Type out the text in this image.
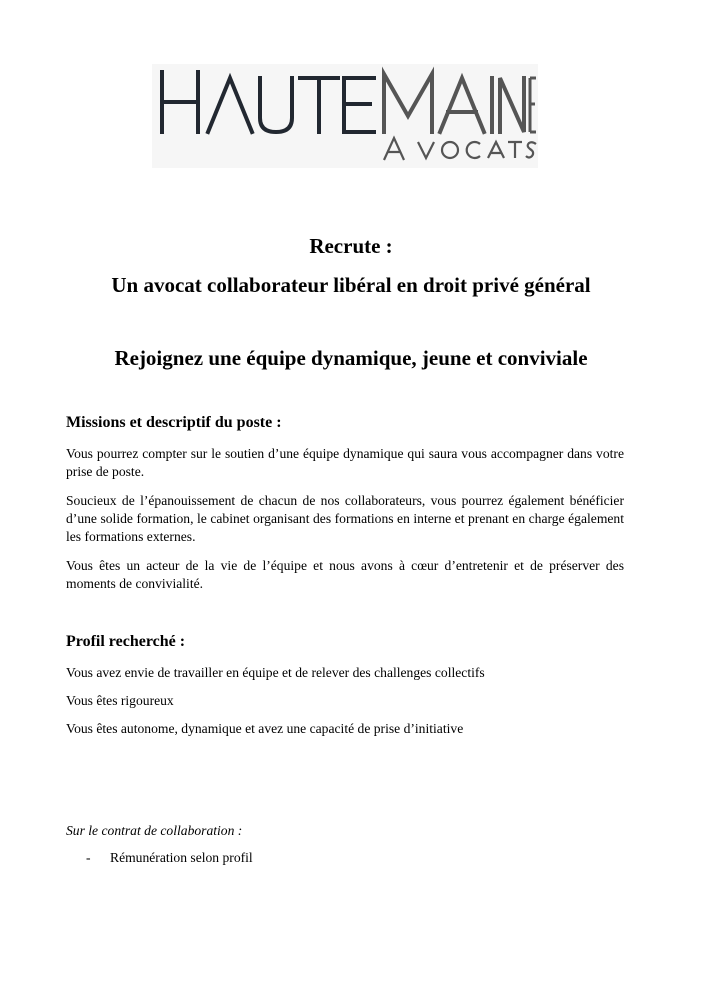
Recrute :
Un avocat collaborateur libéral en droit privé général
Rejoignez une équipe dynamique, jeune et conviviale
Missions et descriptif du poste :

Vous pourrez compter sur le soutien d’une équipe dynamique qui saura vous accompagner dans votre prise de poste.

Soucieux de l’épanouissement de chacun de nos collaborateurs, vous pourrez également bénéficier d’une solide formation, le cabinet organisant des formations en interne et prenant en charge également les formations externes.

Vous êtes un acteur de la vie de l’équipe et nous avons à cœur d’entretenir et de préserver des moments de convivialité.

Profil recherché :

Vous avez envie de travailler en équipe et de relever des challenges collectifs

Vous êtes rigoureux

Vous êtes autonome, dynamique et avez une capacité de prise d’initiative

Sur le contrat de collaboration :

- Rémunération selon profil
